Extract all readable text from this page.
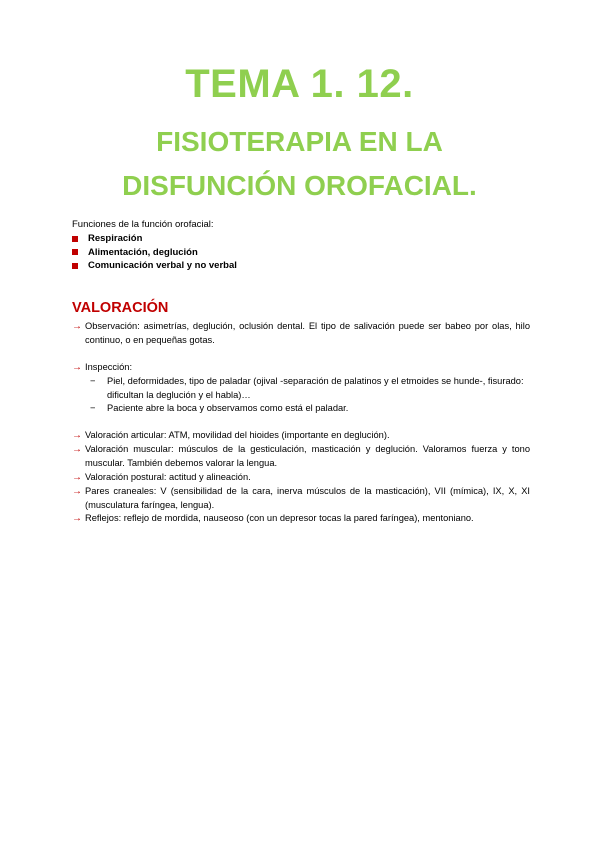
TEMA 1. 12.
FISIOTERAPIA EN LA
DISFUNCIÓN OROFACIAL.
Funciones de la función orofacial:
Respiración
Alimentación, deglución
Comunicación verbal y no verbal
VALORACIÓN
→ Observación: asimetrías, deglución, oclusión dental. El tipo de salivación puede ser babeo por olas, hilo continuo, o en pequeñas gotas.
→ Inspección:
− Piel, deformidades, tipo de paladar (ojival -separación de palatinos y el etmoides se hunde-, fisurado: dificultan la deglución y el habla)…
− Paciente abre la boca y observamos como está el paladar.
→ Valoración articular: ATM, movilidad del hioides (importante en deglución).
→ Valoración muscular: músculos de la gesticulación, masticación y deglución. Valoramos fuerza y tono muscular. También debemos valorar la lengua.
→ Valoración postural: actitud y alineación.
→ Pares craneales: V (sensibilidad de la cara, inerva músculos de la masticación), VII (mímica), IX, X, XI (musculatura faríngea, lengua).
→ Reflejos: reflejo de mordida, nauseoso (con un depresor tocas la pared faríngea), mentoniano.
